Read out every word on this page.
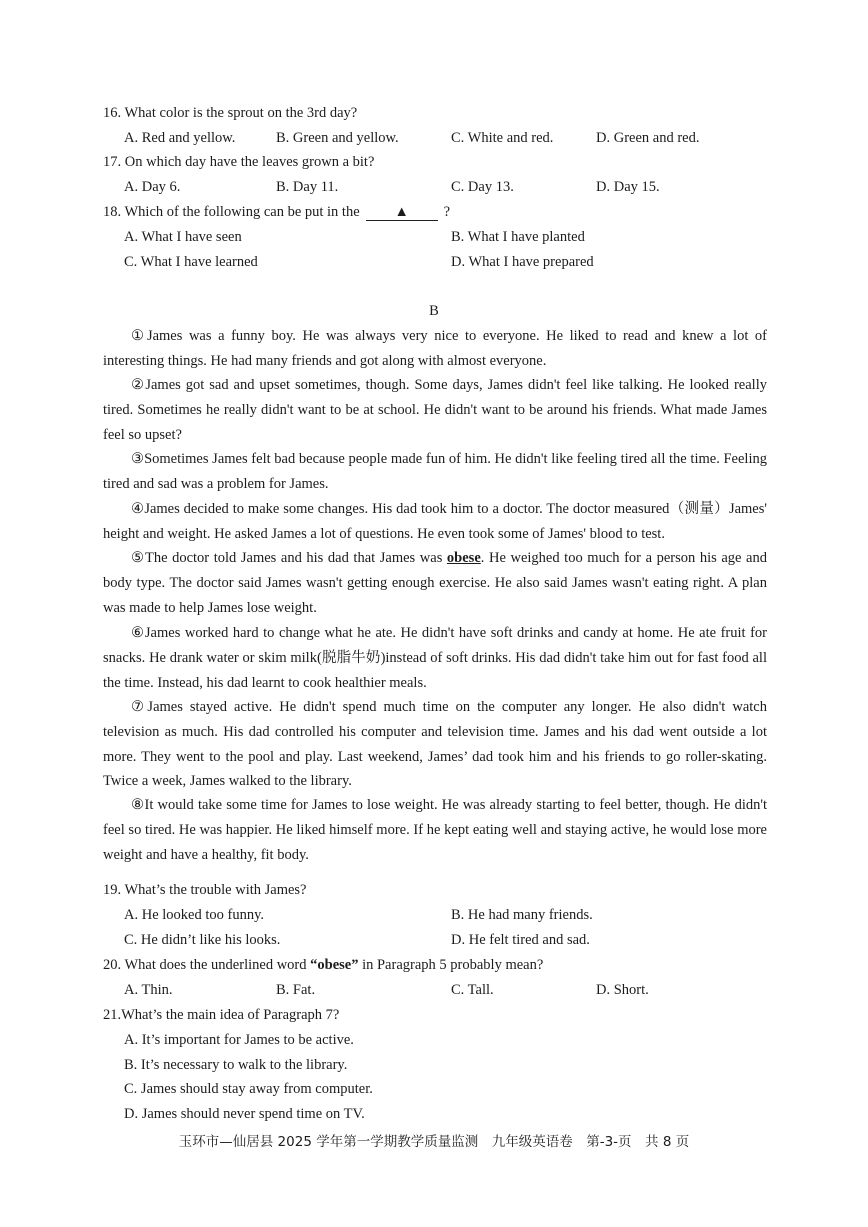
16. What color is the sprout on the 3rd day?
A. Red and yellow.	B. Green and yellow.	C. White and red.	D. Green and red.
17. On which day have the leaves grown a bit?
A. Day 6.	B. Day 11.	C. Day 13.	D. Day 15.
18. Which of the following can be put in the ▲ ?
A. What I have seen	B. What I have planted
C. What I have learned	D. What I have prepared
B
①James was a funny boy. He was always very nice to everyone. He liked to read and knew a lot of interesting things. He had many friends and got along with almost everyone.
②James got sad and upset sometimes, though. Some days, James didn't feel like talking. He looked really tired. Sometimes he really didn't want to be at school. He didn't want to be around his friends. What made James feel so upset?
③Sometimes James felt bad because people made fun of him. He didn't like feeling tired all the time. Feeling tired and sad was a problem for James.
④James decided to make some changes. His dad took him to a doctor. The doctor measured（测量）James' height and weight. He asked James a lot of questions. He even took some of James' blood to test.
⑤The doctor told James and his dad that James was obese. He weighed too much for a person his age and body type. The doctor said James wasn't getting enough exercise. He also said James wasn't eating right. A plan was made to help James lose weight.
⑥James worked hard to change what he ate. He didn't have soft drinks and candy at home. He ate fruit for snacks. He drank water or skim milk(脱脂牛奶)instead of soft drinks. His dad didn't take him out for fast food all the time. Instead, his dad learnt to cook healthier meals.
⑦James stayed active. He didn't spend much time on the computer any longer. He also didn't watch television as much. His dad controlled his computer and television time. James and his dad went outside a lot more. They went to the pool and play. Last weekend, James’ dad took him and his friends to go roller-skating. Twice a week, James walked to the library.
⑧It would take some time for James to lose weight. He was already starting to feel better, though. He didn't feel so tired. He was happier. He liked himself more. If he kept eating well and staying active, he would lose more weight and have a healthy, fit body.
19. What’s the trouble with James?
A. He looked too funny.	B. He had many friends.
C. He didn’t like his looks.	D. He felt tired and sad.
20. What does the underlined word “obese” in Paragraph 5 probably mean?
A. Thin.	B. Fat.	C. Tall.	D. Short.
21.What’s the main idea of Paragraph 7?
A. It’s important for James to be active.
B. It’s necessary to walk to the library.
C. James should stay away from computer.
D. James should never spend time on TV.
玉环市—仙居县 2025 学年第一学期教学质量监测　九年级英语卷　第-3-页　共 8 页
